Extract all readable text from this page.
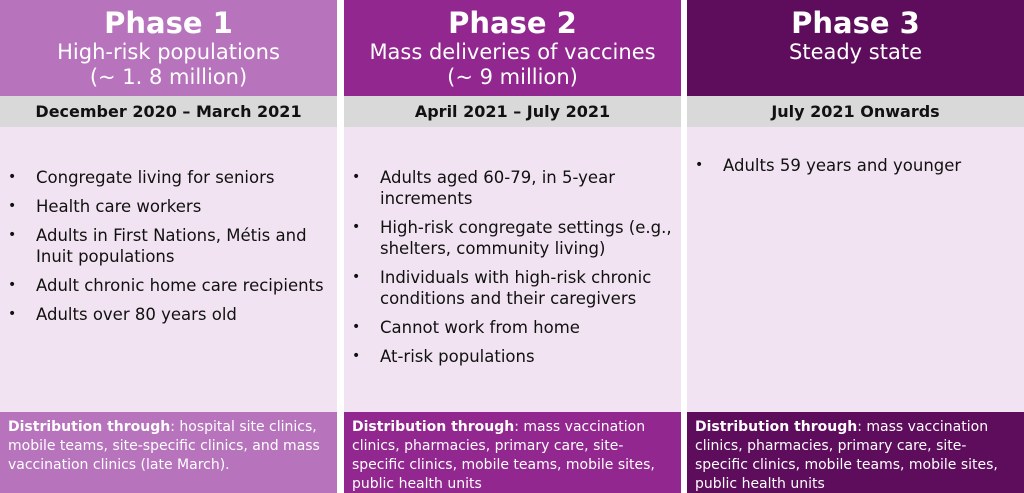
Phase 1
High-risk populations
(~ 1. 8 million)
December 2020 – March 2021
• Congregate living for seniors
• Health care workers
• Adults in First Nations, Métis and Inuit populations
• Adult chronic home care recipients
• Adults over 80 years old
Distribution through: hospital site clinics, mobile teams, site-specific clinics, and mass vaccination clinics (late March).
Phase 2
Mass deliveries of vaccines
(~ 9 million)
April 2021 – July 2021
• Adults aged 60-79, in 5-year increments
• High-risk congregate settings (e.g., shelters, community living)
• Individuals with high-risk chronic conditions and their caregivers
• Cannot work from home
• At-risk populations
Distribution through: mass vaccination clinics, pharmacies, primary care, site-specific clinics, mobile teams, mobile sites, public health units
Phase 3
Steady state
July 2021 Onwards
• Adults 59 years and younger
Distribution through: mass vaccination clinics, pharmacies, primary care, site-specific clinics, mobile teams, mobile sites, public health units
